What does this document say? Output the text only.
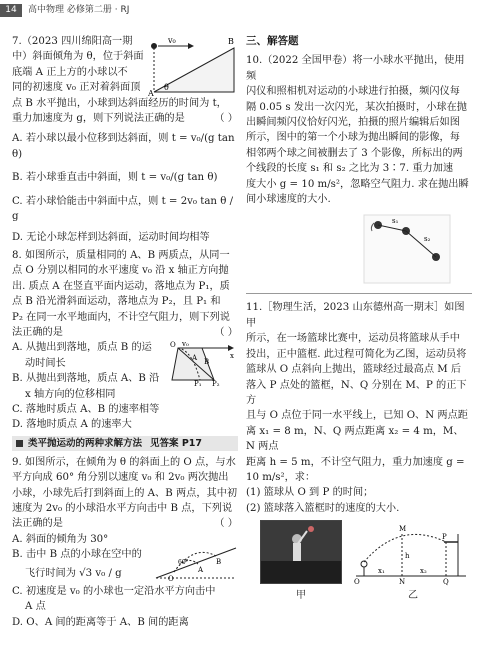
14	高中物理 必修第二册 · RJ
v₀	B
A
θ

7.（2023 四川绵阳高一期

中）斜面倾角为 θ，位于斜面

底端 A 正上方的小球以不

同的初速度 v₀ 正对着斜面顶

点 B 水平抛出，小球到达斜面经历的时间为 t，

重力加速度为 g，则下列说法正确的是	（ ）

A. 若小球以最小位移到达斜面，则 t = v₀/(g tan θ)

B. 若小球垂直击中斜面，则 t = v₀/(g tan θ)

C. 若小球恰能击中斜面中点，则 t = 2v₀ tan θ / g

D. 无论小球怎样到达斜面，运动时间均相等

8. 如图所示，质量相同的 A、B 两质点，从同一

点 O 分别以相同的水平速度 v₀ 沿 x 轴正方向抛

出. 质点 A 在竖直平面内运动，落地点为 P₁，质

点 B 沿光滑斜面运动，落地点为 P₂，且 P₁ 和

P₂ 在同一水平地面内，不计空气阻力，则下列说

法正确的是	（ ）

O v₀
x
A B
P₁ P₂

A. 从抛出到落地，质点 B 的运

动时间长

B. 从抛出到落地，质点 A、B 沿

x 轴方向的位移相同

C. 落地时质点 A、B 的速率相等

D. 落地时质点 A 的速率大

类平抛运动的两种求解方法 见答案 P17

9. 如图所示，在倾角为 θ 的斜面上的 O 点，与水

平方向成 60° 角分别以速度 v₀ 和 2v₀ 两次抛出

小球，小球先后打到斜面上的 A、B 两点，其中初

速度为 2v₀ 的小球沿水平方向击中 B 点，下列说

法正确的是	（ ）

O
A
B
60°

A. 斜面的倾角为 30°

B. 击中 B 点的小球在空中的

飞行时间为 √3 v₀ / g

C. 初速度是 v₀ 的小球也一定沿水平方向击中

A 点

D. O、A 间的距离等于 A、B 间的距离

三、解答题

10.（2022 全国甲卷）将一小球水平抛出，使用频

闪仪和照相机对运动的小球进行拍摄，频闪仪每

隔 0.05 s 发出一次闪光，某次拍摄时，小球在抛

出瞬间频闪仪恰好闪光，拍摄的照片编辑后如图

所示，图中的第一个小球为抛出瞬间的影像，每

相邻两个球之间被删去了 3 个影像，所标出的两

个线段的长度 s₁ 和 s₂ 之比为 3∶7. 重力加速

度大小 g = 10 m/s²，忽略空气阻力. 求在抛出瞬

间小球速度的大小.

s₁
s₂

11.［物理生活，2023 山东德州高一期末］如图甲

所示，在一场篮球比赛中，运动员将篮球从手中

投出，正中篮框. 此过程可简化为乙图，运动员将

篮球从 O 点斜向上抛出，篮球经过最高点 M 后

落入 P 点处的篮框，N、Q 分别在 M、P 的正下方

且与 O 点位于同一水平线上，已知 O、N 两点距

离 x₁ = 8 m，N、Q 两点距离 x₂ = 4 m，M、N 两点

距离 h = 5 m，不计空气阻力，重力加速度 g =

10 m/s²，求：

(1) 篮球从 O 到 P 的时间；

(2) 篮球落入篮框时的速度的大小.

甲
M
P
h
O	N	Q
x₁	x₂
乙
